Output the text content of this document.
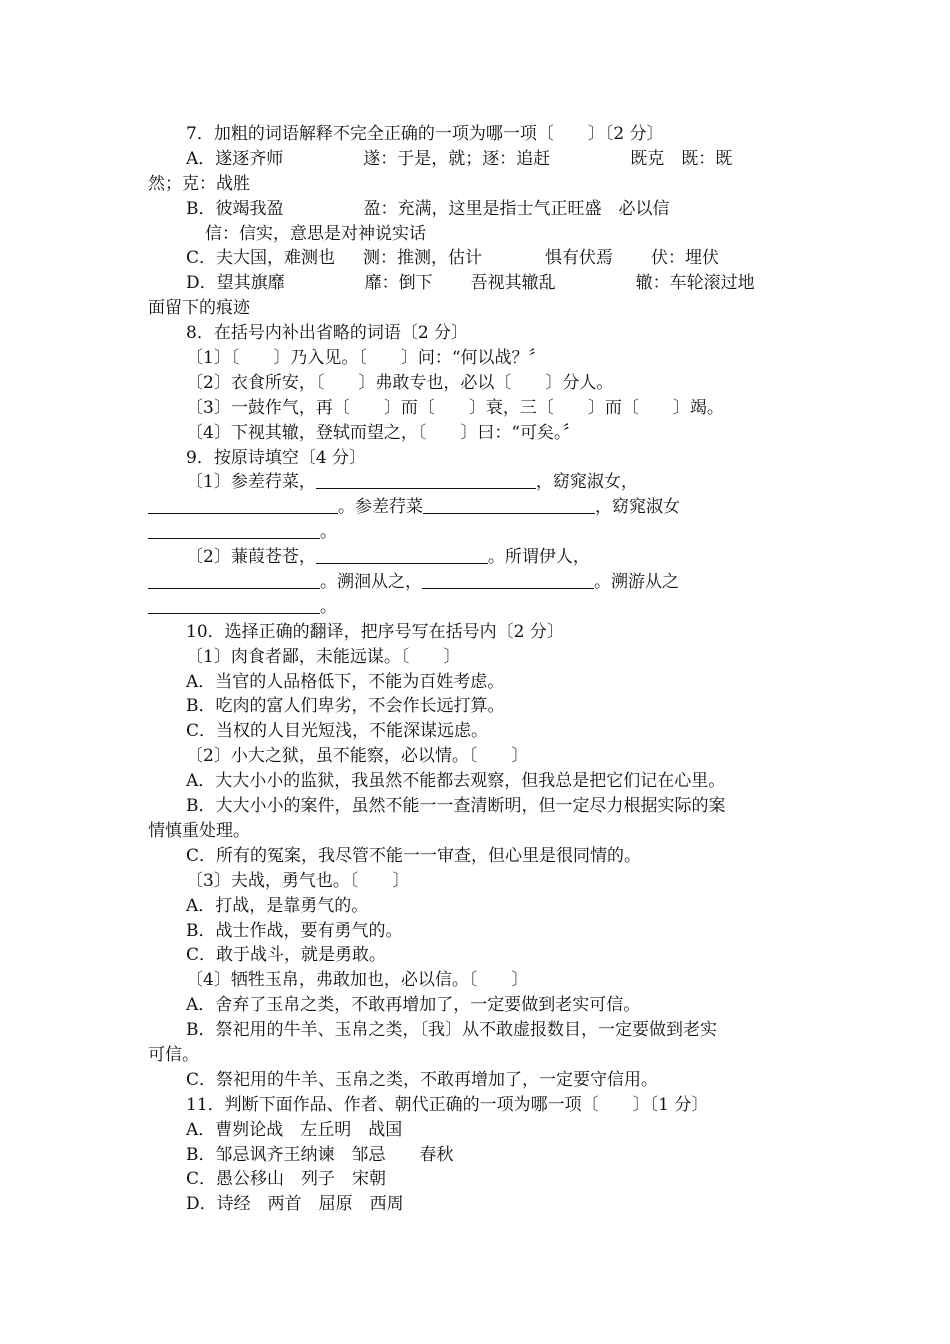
7．加粗的词语解释不完全正确的一项为哪一项〔　　〕〔2 分〕

A．遂逐齐师	遂：于是，就；逐：追赶	既克　既：既

然；克：战胜

B．彼竭我盈	盈：充满，这里是指士气正旺盛　必以信

信：信实，意思是对神说实话

C．夫大国，难测也 测：推测，估计	惧有伏焉 伏：埋伏

D．望其旗靡	靡：倒下 吾视其辙乱	辙：车轮滚过地

面留下的痕迹

8．在括号内补出省略的词语〔2 分〕

〔1〕〔　　〕乃入见。〔　　〕问：“何以战？〞

〔2〕衣食所安，〔　　〕弗敢专也，必以〔　　〕分人。

〔3〕一鼓作气，再〔　　〕而〔　　〕衰，三〔　　〕而〔　　〕竭。

〔4〕下视其辙，登轼而望之，〔　　〕曰：“可矣。〞

9．按原诗填空〔4 分〕

〔1〕参差荇菜，	，窈窕淑女，

。参差荇菜	，窈窕淑女

。

〔2〕蒹葭苍苍，	。所谓伊人，

。溯洄从之，	。溯游从之

。

10．选择正确的翻译，把序号写在括号内〔2 分〕

〔1〕肉食者鄙，未能远谋。〔　　〕

A．当官的人品格低下，不能为百姓考虑。

B．吃肉的富人们卑劣，不会作长远打算。

C．当权的人目光短浅，不能深谋远虑。

〔2〕小大之狱，虽不能察，必以情。〔　　〕

A．大大小小的监狱，我虽然不能都去观察，但我总是把它们记在心里。

B．大大小小的案件，虽然不能一一查清断明，但一定尽力根据实际的案

情慎重处理。

C．所有的冤案，我尽管不能一一审查，但心里是很同情的。

〔3〕夫战，勇气也。〔　　〕

A．打战，是靠勇气的。

B．战士作战，要有勇气的。

C．敢于战斗，就是勇敢。

〔4〕牺牲玉帛，弗敢加也，必以信。〔　　〕

A．舍弃了玉帛之类，不敢再增加了，一定要做到老实可信。

B．祭祀用的牛羊、玉帛之类，〔我〕从不敢虚报数目，一定要做到老实

可信。

C．祭祀用的牛羊、玉帛之类，不敢再增加了，一定要守信用。

11．判断下面作品、作者、朝代正确的一项为哪一项〔　　〕〔1 分〕

A．曹刿论战　左丘明　战国

B．邹忌讽齐王纳谏　邹忌　　春秋

C．愚公移山　列子　宋朝

D．诗经　两首　屈原　西周
